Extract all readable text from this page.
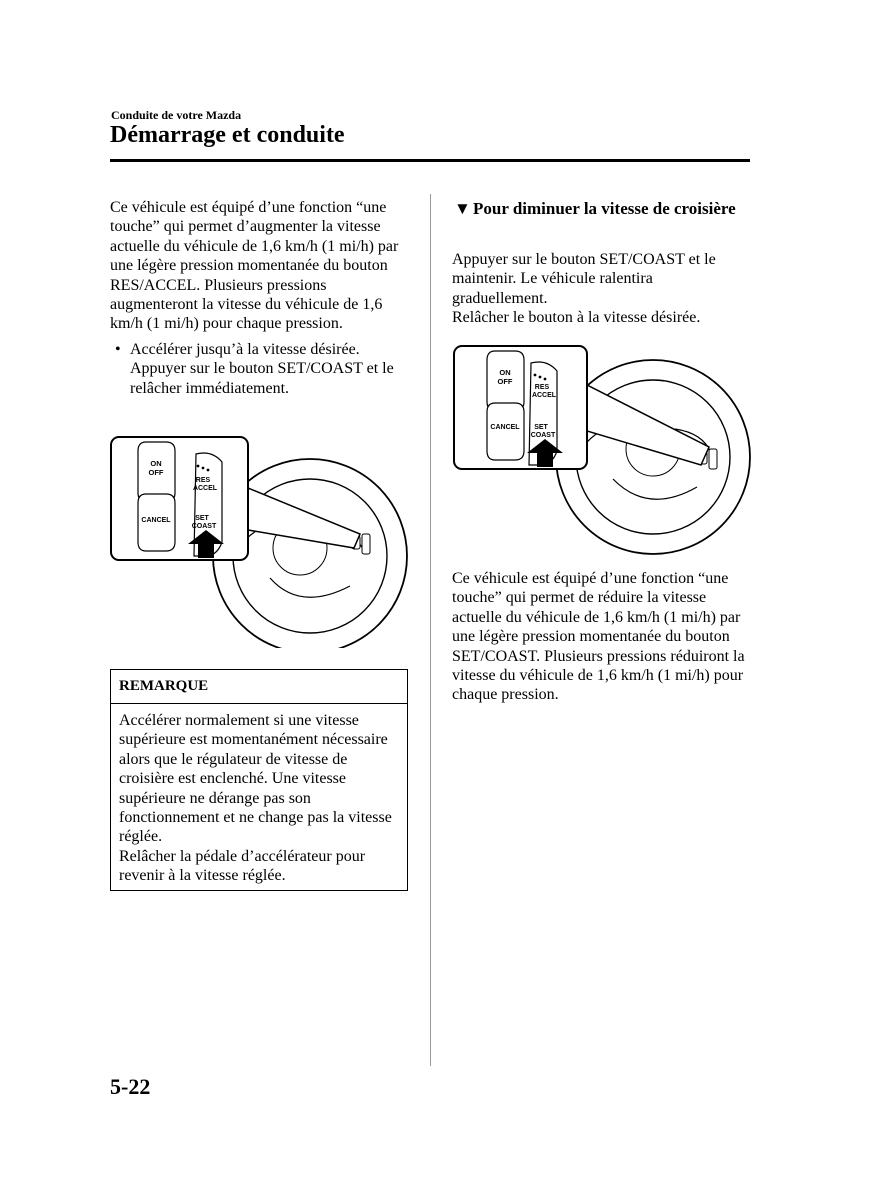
Conduite de votre Mazda
Démarrage et conduite

Ce véhicule est équipé d’une fonction “une touche” qui permet d’augmenter la vitesse actuelle du véhicule de 1,6 km/h (1 mi/h) par une légère pression momentanée du bouton RES/ACCEL. Plusieurs pressions augmenteront la vitesse du véhicule de 1,6 km/h (1 mi/h) pour chaque pression.

• Accélérer jusqu’à la vitesse désirée. Appuyer sur le bouton SET/COAST et le relâcher immédiatement.

ON
OFF
CANCEL
RES
ACCEL
SET
COAST
REMARQUE

Accélérer normalement si une vitesse supérieure est momentanément nécessaire alors que le régulateur de vitesse de croisière est enclenché. Une vitesse supérieure ne dérange pas son fonctionnement et ne change pas la vitesse réglée.

Relâcher la pédale d’accélérateur pour revenir à la vitesse réglée.

▼ Pour diminuer la vitesse de croisière

Appuyer sur le bouton SET/COAST et le maintenir. Le véhicule ralentira graduellement.

Relâcher le bouton à la vitesse désirée.

ON
OFF
CANCEL
RES
ACCEL
SET
COAST

Ce véhicule est équipé d’une fonction “une touche” qui permet de réduire la vitesse actuelle du véhicule de 1,6 km/h (1 mi/h) par une légère pression momentanée du bouton SET/COAST. Plusieurs pressions réduiront la vitesse du véhicule de 1,6 km/h (1 mi/h) pour chaque pression.

5-22
